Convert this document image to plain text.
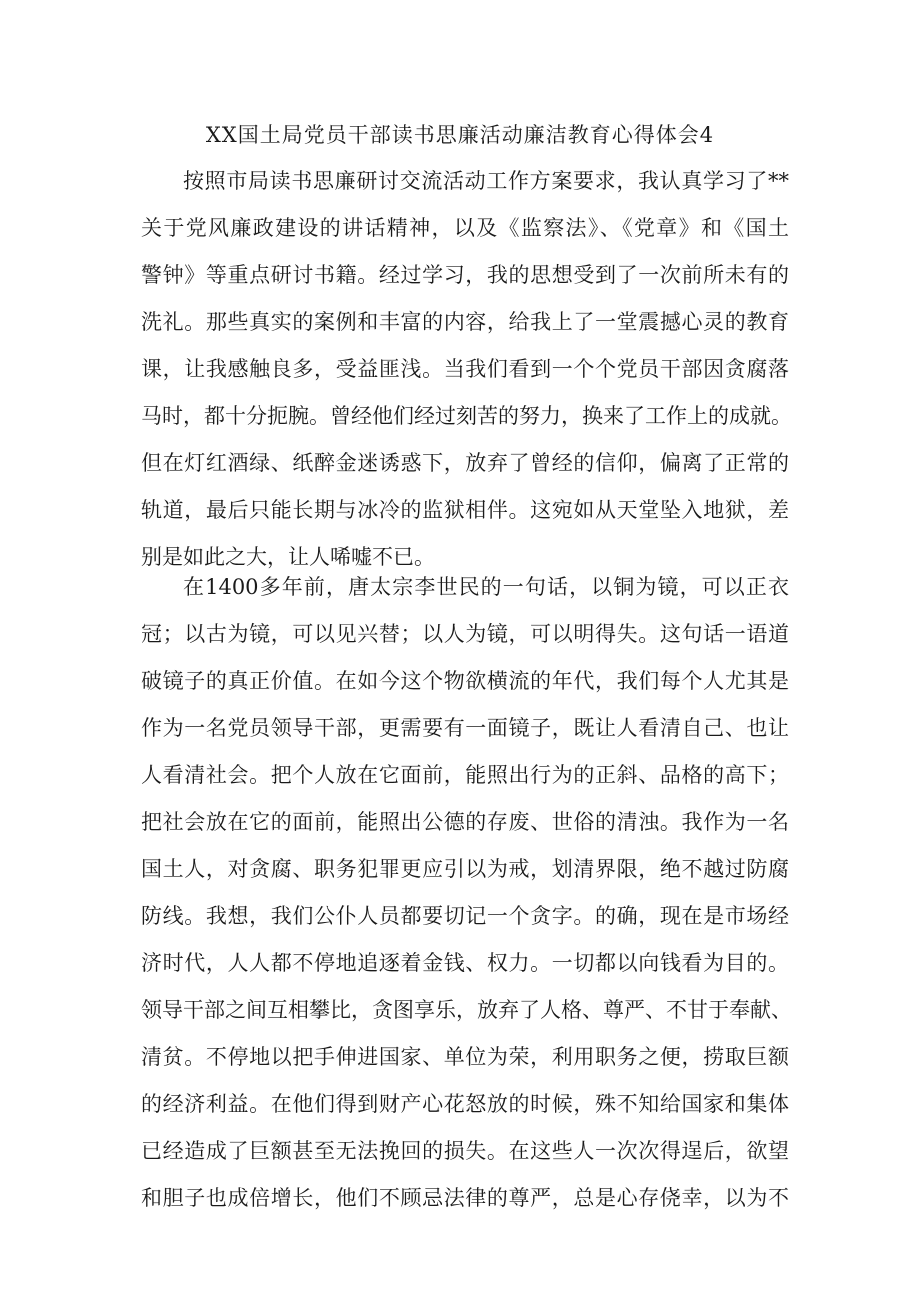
XX国土局党员干部读书思廉活动廉洁教育心得体会4
按照市局读书思廉研讨交流活动工作方案要求，我认真学习了**
关于党风廉政建设的讲话精神，以及《监察法》、《党章》和《国土
警钟》等重点研讨书籍。经过学习，我的思想受到了一次前所未有的
洗礼。那些真实的案例和丰富的内容，给我上了一堂震撼心灵的教育
课，让我感触良多，受益匪浅。当我们看到一个个党员干部因贪腐落
马时，都十分扼腕。曾经他们经过刻苦的努力，换来了工作上的成就。
但在灯红酒绿、纸醉金迷诱惑下，放弃了曾经的信仰，偏离了正常的
轨道，最后只能长期与冰冷的监狱相伴。这宛如从天堂坠入地狱，差
别是如此之大，让人唏嘘不已。
在1400多年前，唐太宗李世民的一句话，以铜为镜，可以正衣
冠；以古为镜，可以见兴替；以人为镜，可以明得失。这句话一语道
破镜子的真正价值。在如今这个物欲横流的年代，我们每个人尤其是
作为一名党员领导干部，更需要有一面镜子，既让人看清自己、也让
人看清社会。把个人放在它面前，能照出行为的正斜、品格的高下；
把社会放在它的面前，能照出公德的存废、世俗的清浊。我作为一名
国土人，对贪腐、职务犯罪更应引以为戒，划清界限，绝不越过防腐
防线。我想，我们公仆人员都要切记一个贪字。的确，现在是市场经
济时代，人人都不停地追逐着金钱、权力。一切都以向钱看为目的。
领导干部之间互相攀比，贪图享乐，放弃了人格、尊严、不甘于奉献、
清贫。不停地以把手伸进国家、单位为荣，利用职务之便，捞取巨额
的经济利益。在他们得到财产心花怒放的时候，殊不知给国家和集体
已经造成了巨额甚至无法挽回的损失。在这些人一次次得逞后，欲望
和胆子也成倍增长，他们不顾忌法律的尊严，总是心存侥幸，以为不
